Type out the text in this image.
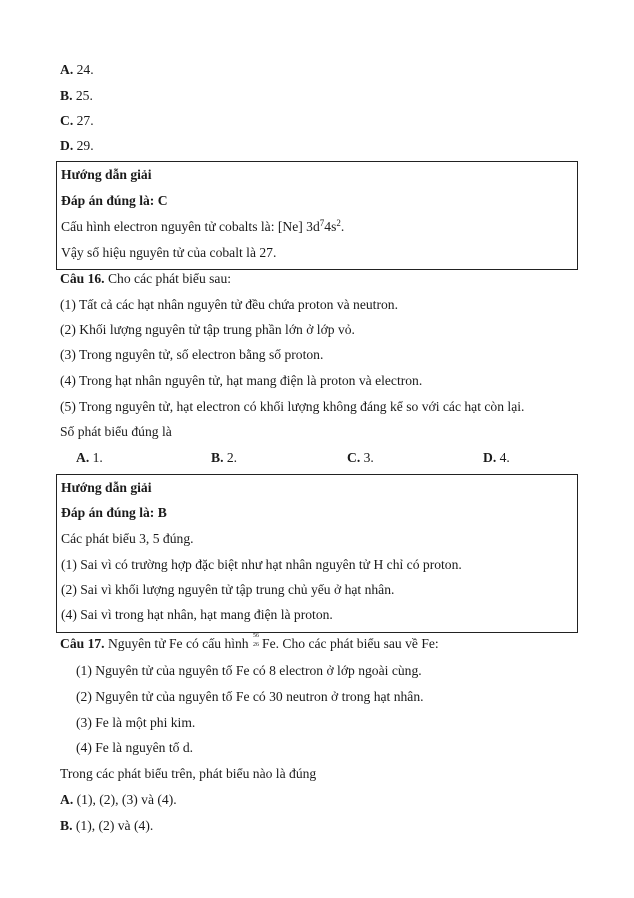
A. 24.
B. 25.
C. 27.
D. 29.
Hướng dẫn giải
Đáp án đúng là: C
Cấu hình electron nguyên tử cobalts là: [Ne] $3d^74s^2$.
Vậy số hiệu nguyên tử của cobalt là 27.
Câu 16. Cho các phát biểu sau:
(1) Tất cả các hạt nhân nguyên tử đều chứa proton và neutron.
(2) Khối lượng nguyên tử tập trung phần lớn ở lớp vỏ.
(3) Trong nguyên tử, số electron bằng số proton.
(4) Trong hạt nhân nguyên tử, hạt mang điện là proton và electron.
(5) Trong nguyên tử, hạt electron có khối lượng không đáng kể so với các hạt còn lại.
Số phát biểu đúng là
A. 1.	B. 2.	C. 3.	D. 4.
Hướng dẫn giải
Đáp án đúng là: B
Các phát biểu 3, 5 đúng.
(1) Sai vì có trường hợp đặc biệt như hạt nhân nguyên tử H chỉ có proton.
(2) Sai vì khối lượng nguyên tử tập trung chủ yếu ở hạt nhân.
(4) Sai vì trong hạt nhân, hạt mang điện là proton.
Câu 17. Nguyên tử Fe có cấu hình 56
26 Fe. Cho các phát biểu sau về Fe:
(1) Nguyên tử của nguyên tố Fe có 8 electron ở lớp ngoài cùng.
(2) Nguyên tử của nguyên tố Fe có 30 neutron ở trong hạt nhân.
(3) Fe là một phi kim.
(4) Fe là nguyên tố d.
Trong các phát biểu trên, phát biểu nào là đúng
A. (1), (2), (3) và (4).
B. (1), (2) và (4).
